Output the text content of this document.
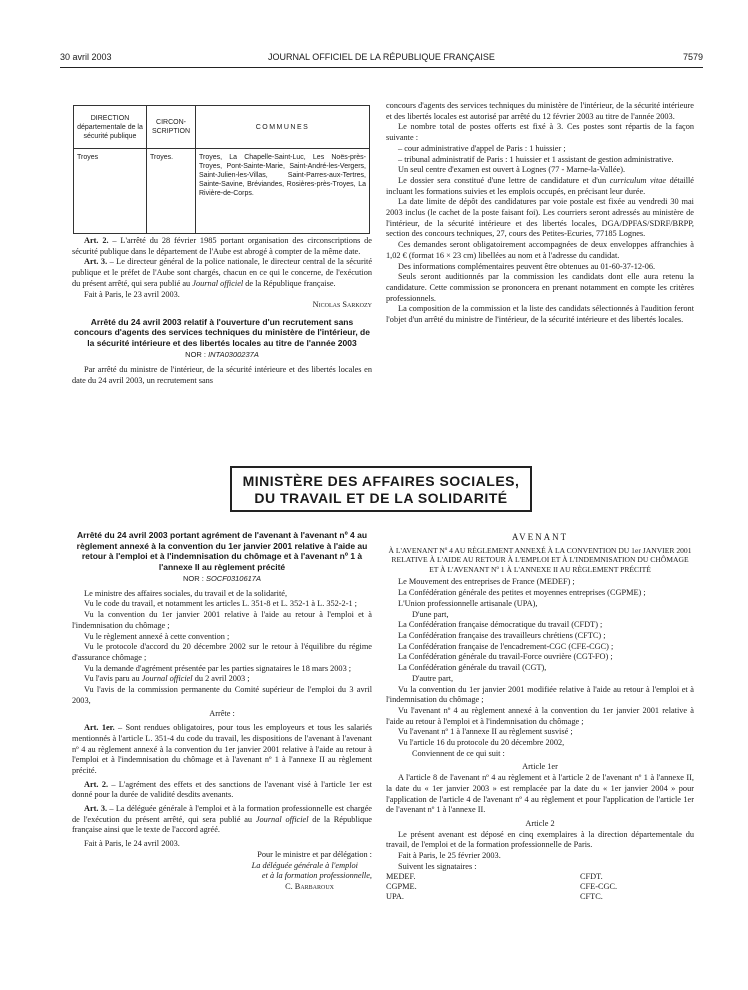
30 avril 2003	JOURNAL OFFICIEL DE LA RÉPUBLIQUE FRANÇAISE	7579
DIRECTION départementale de la sécurité publique	CIRCON- SCRIPTION	COMMUNES
Troyes	Troyes.	Troyes, La Chapelle-Saint-Luc, Les Noës-près-Troyes, Pont-Sainte-Marie, Saint-André-les-Vergers, Saint-Julien-les-Villas, Saint-Parres-aux-Tertres, Sainte-Savine, Bréviandes, Rosières-près-Troyes, La Rivière-de-Corps.

Art. 2. – L'arrêté du 28 février 1985 portant organisation des circonscriptions de sécurité publique dans le département de l'Aube est abrogé à compter de la même date.

Art. 3. – Le directeur général de la police nationale, le directeur central de la sécurité publique et le préfet de l'Aube sont chargés, chacun en ce qui le concerne, de l'exécution du présent arrêté, qui sera publié au Journal officiel de la République française.

Fait à Paris, le 23 avril 2003.

Nicolas Sarkozy

Arrêté du 24 avril 2003 relatif à l'ouverture d'un recrutement sans concours d'agents des services techniques du ministère de l'intérieur, de la sécurité intérieure et des libertés locales au titre de l'année 2003
NOR : INTA0300237A

Par arrêté du ministre de l'intérieur, de la sécurité intérieure et des libertés locales en date du 24 avril 2003, un recrutement sans

concours d'agents des services techniques du ministère de l'intérieur, de la sécurité intérieure et des libertés locales est autorisé par arrêté du 12 février 2003 au titre de l'année 2003.

Le nombre total de postes offerts est fixé à 3. Ces postes sont répartis de la façon suivante :

– cour administrative d'appel de Paris : 1 huissier ;

– tribunal administratif de Paris : 1 huissier et 1 assistant de gestion administrative.

Un seul centre d'examen est ouvert à Lognes (77 - Marne-la-Vallée).

Le dossier sera constitué d'une lettre de candidature et d'un curriculum vitae détaillé incluant les formations suivies et les emplois occupés, en précisant leur durée.

La date limite de dépôt des candidatures par voie postale est fixée au vendredi 30 mai 2003 inclus (le cachet de la poste faisant foi). Les courriers seront adressés au ministère de l'intérieur, de la sécurité intérieure et des libertés locales, DGA/DPFAS/SDRF/BRPP, section des concours techniques, 27, cours des Petites-Ecuries, 77185 Lognes.

Ces demandes seront obligatoirement accompagnées de deux enveloppes affranchies à 1,02 € (format 16 × 23 cm) libellées au nom et à l'adresse du candidat.

Des informations complémentaires peuvent être obtenues au 01-60-37-12-06.

Seuls seront auditionnés par la commission les candidats dont elle aura retenu la candidature. Cette commission se prononcera en prenant notamment en compte les critères professionnels.

La composition de la commission et la liste des candidats sélectionnés à l'audition feront l'objet d'un arrêté du ministre de l'intérieur, de la sécurité intérieure et des libertés locales.

MINISTÈRE DES AFFAIRES SOCIALES,
DU TRAVAIL ET DE LA SOLIDARITÉ
Arrêté du 24 avril 2003 portant agrément de l'avenant à l'avenant nº 4 au règlement annexé à la convention du 1er janvier 2001 relative à l'aide au retour à l'emploi et à l'indemnisation du chômage et à l'avenant nº 1 à l'annexe II au règlement précité
NOR : SOCF0310617A

Le ministre des affaires sociales, du travail et de la solidarité,

Vu le code du travail, et notamment les articles L. 351-8 et L. 352-1 à L. 352-2-1 ;

Vu la convention du 1er janvier 2001 relative à l'aide au retour à l'emploi et à l'indemnisation du chômage ;

Vu le règlement annexé à cette convention ;

Vu le protocole d'accord du 20 décembre 2002 sur le retour à l'équilibre du régime d'assurance chômage ;

Vu la demande d'agrément présentée par les parties signataires le 18 mars 2003 ;

Vu l'avis paru au Journal officiel du 2 avril 2003 ;

Vu l'avis de la commission permanente du Comité supérieur de l'emploi du 3 avril 2003,

Arrête :

Art. 1er. – Sont rendues obligatoires, pour tous les employeurs et tous les salariés mentionnés à l'article L. 351-4 du code du travail, les dispositions de l'avenant à l'avenant nº 4 au règlement annexé à la convention du 1er janvier 2001 relative à l'aide au retour à l'emploi et à l'indemnisation du chômage et à l'avenant nº 1 à l'annexe II au règlement précité.

Art. 2. – L'agrément des effets et des sanctions de l'avenant visé à l'article 1er est donné pour la durée de validité desdits avenants.

Art. 3. – La déléguée générale à l'emploi et à la formation professionnelle est chargée de l'exécution du présent arrêté, qui sera publié au Journal officiel de la République française ainsi que le texte de l'accord agréé.

Fait à Paris, le 24 avril 2003.

Pour le ministre et par délégation :

La déléguée générale à l'emploi

et à la formation professionnelle,

C. Barbaroux

AVENANT
À L'AVENANT Nº 4 AU RÈGLEMENT ANNEXÉ À LA CONVENTION DU 1er JANVIER 2001 RELATIVE À L'AIDE AU RETOUR À L'EMPLOI ET À L'INDEMNISATION DU CHÔMAGE ET À L'AVENANT Nº 1 À L'ANNEXE II AU RÈGLEMENT PRÉCITÉ

Le Mouvement des entreprises de France (MEDEF) ;

La Confédération générale des petites et moyennes entreprises (CGPME) ;

L'Union professionnelle artisanale (UPA),

D'une part,

La Confédération française démocratique du travail (CFDT) ;

La Confédération française des travailleurs chrétiens (CFTC) ;

La Confédération française de l'encadrement-CGC (CFE-CGC) ;

La Confédération générale du travail-Force ouvrière (CGT-FO) ;

La Confédération générale du travail (CGT),

D'autre part,

Vu la convention du 1er janvier 2001 modifiée relative à l'aide au retour à l'emploi et à l'indemnisation du chômage ;

Vu l'avenant nº 4 au règlement annexé à la convention du 1er janvier 2001 relative à l'aide au retour à l'emploi et à l'indemnisation du chômage ;

Vu l'avenant nº 1 à l'annexe II au règlement susvisé ;

Vu l'article 16 du protocole du 20 décembre 2002,

Conviennent de ce qui suit :

Article 1er

A l'article 8 de l'avenant nº 4 au règlement et à l'article 2 de l'avenant nº 1 à l'annexe II, la date du « 1er janvier 2003 » est remplacée par la date du « 1er janvier 2004 » pour l'application de l'article 4 de l'avenant nº 4 au règlement et pour l'application de l'article 1er de l'avenant nº 1 à l'annexe II.

Article 2

Le présent avenant est déposé en cinq exemplaires à la direction départementale du travail, de l'emploi et de la formation professionnelle de Paris.

Fait à Paris, le 25 février 2003.

Suivent les signataires :

MEDEF.	CFDT.
CGPME.	CFE-CGC.
UPA.	CFTC.
